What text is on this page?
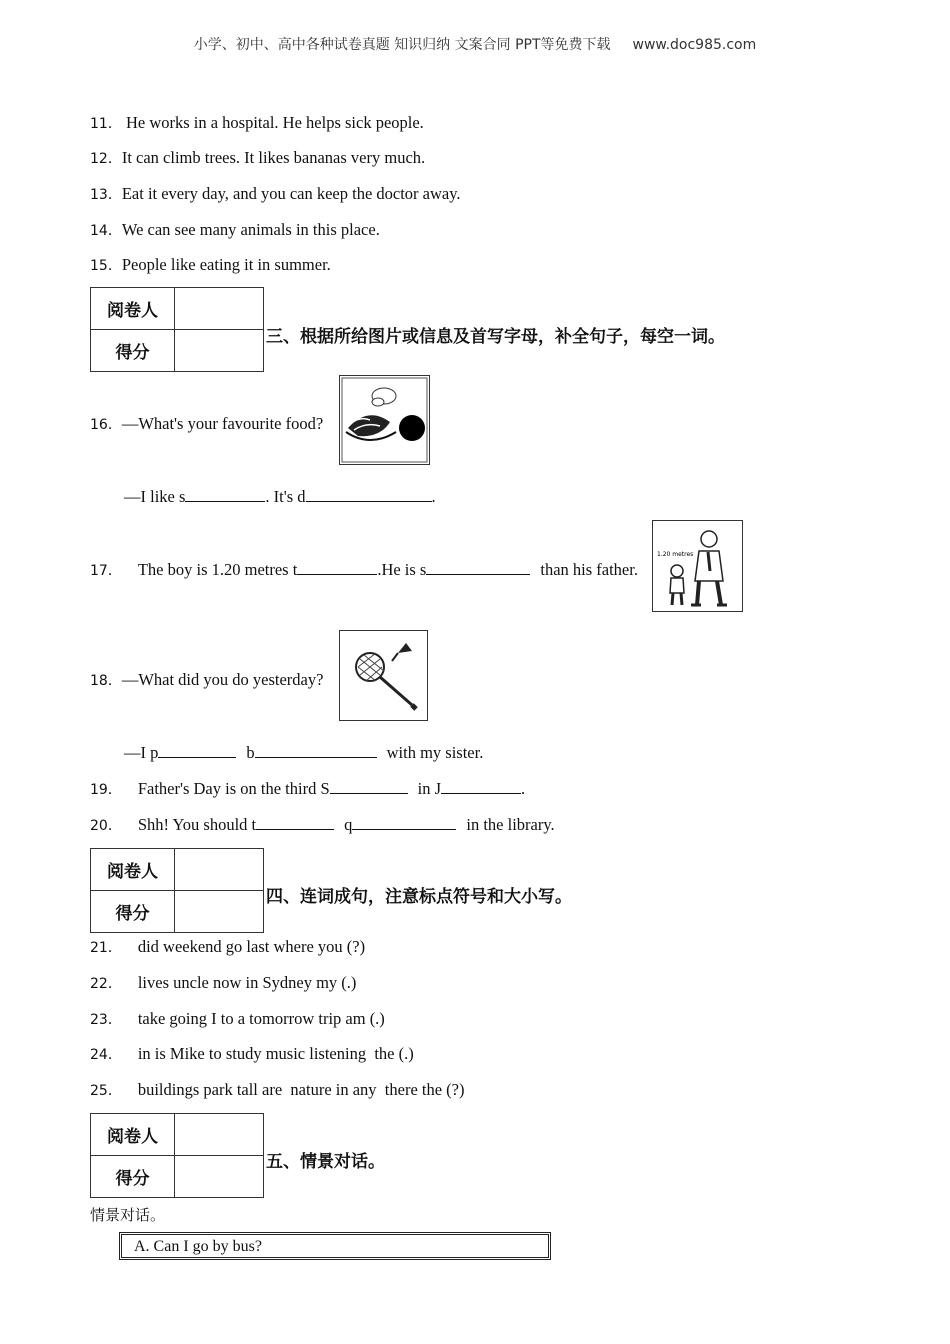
小学、初中、高中各种试卷真题 知识归纳 文案合同 PPT等免费下载 www.doc985.com
11． He works in a hospital. He helps sick people.
12．It can climb trees. It likes bananas very much.
13．Eat it every day, and you can keep the doctor away.
14．We can see many animals in this place.
15．People like eating it in summer.
阅卷人	
得分	
三、根据所给图片或信息及首写字母，补全句子，每空一词。
16．—What's your favourite food?
—I like s	. It's d	.
17． The boy is 1.20 metres t	.He is s	than his father.
1.20 metres
18．—What did you do yesterday?
—I p	b	with my sister.
19． Father's Day is on the third S	in J	.
20． Shh! You should t	q	in the library.
阅卷人	
得分	
四、连词成句，注意标点符号和大小写。
21． did weekend go last where you (?)
22． lives uncle now in Sydney my (.)
23． take going I to a tomorrow trip am (.)
24． in is Mike to study music listening  the (.)
25． buildings park tall are  nature in any  there the (?)
阅卷人	
得分	
五、情景对话。
情景对话。
A. Can I go by bus?
